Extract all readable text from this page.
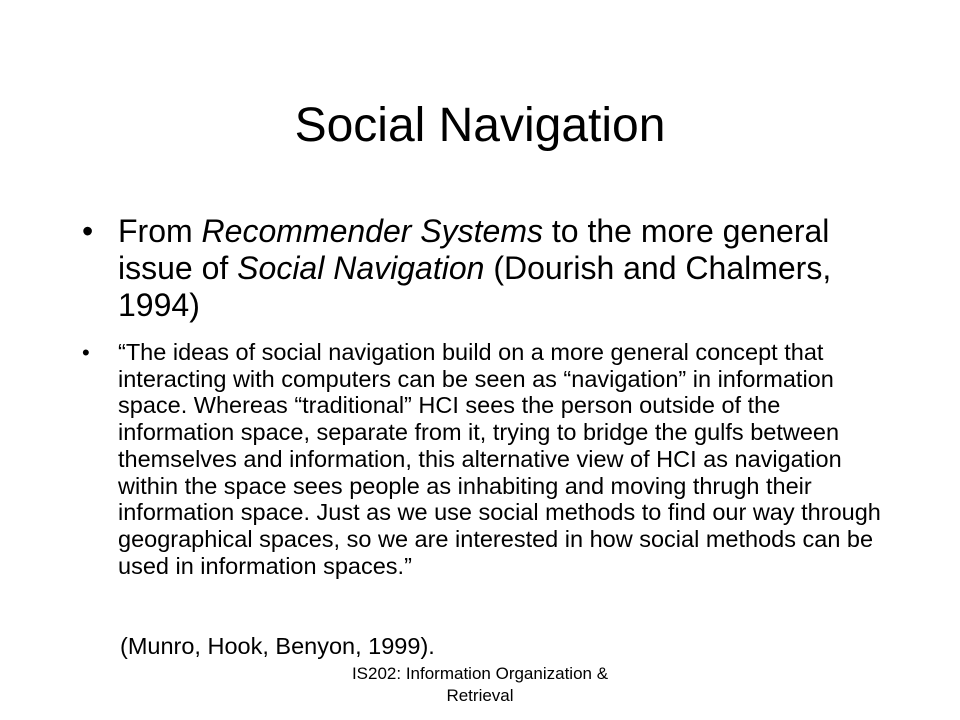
Social Navigation
• From Recommender Systems to the more general issue of Social Navigation (Dourish and Chalmers, 1994)
• “The ideas of social navigation build on a more general concept that interacting with computers can be seen as “navigation” in information space. Whereas “traditional” HCI sees the person outside of the information space, separate from it, trying to bridge the gulfs between themselves and information, this alternative view of HCI as navigation within the space sees people as inhabiting and moving thrugh their information space. Just as we use social methods to find our way through geographical spaces, so we are interested in how social methods can be used in information spaces.”
(Munro, Hook, Benyon, 1999).
IS202: Information Organization &
Retrieval
